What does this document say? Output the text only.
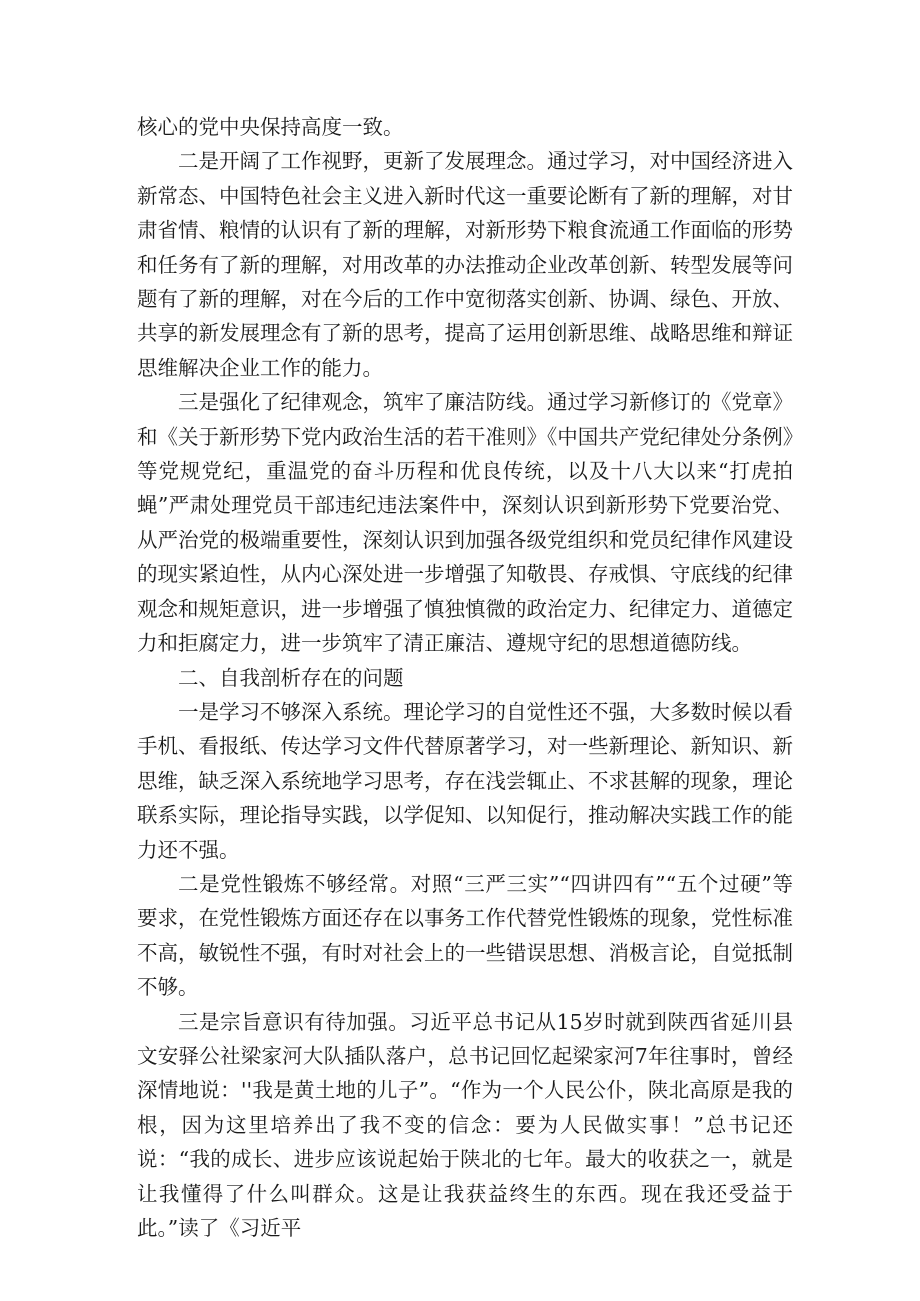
核心的党中央保持高度一致。

二是开阔了工作视野，更新了发展理念。通过学习，对中国经济进入新常态、中国特色社会主义进入新时代这一重要论断有了新的理解，对甘肃省情、粮情的认识有了新的理解，对新形势下粮食流通工作面临的形势和任务有了新的理解，对用改革的办法推动企业改革创新、转型发展等问题有了新的理解，对在今后的工作中宽彻落实创新、协调、绿色、开放、共享的新发展理念有了新的思考，提高了运用创新思维、战略思维和辩证思维解决企业工作的能力。

三是强化了纪律观念，筑牢了廉洁防线。通过学习新修订的《党章》和《关于新形势下党内政治生活的若干准则》《中国共产党纪律处分条例》等党规党纪，重温党的奋斗历程和优良传统，以及十八大以来“打虎拍蝇”严肃处理党员干部违纪违法案件中，深刻认识到新形势下党要治党、从严治党的极端重要性，深刻认识到加强各级党组织和党员纪律作风建设的现实紧迫性，从内心深处进一步增强了知敬畏、存戒惧、守底线的纪律观念和规矩意识，进一步增强了慎独慎微的政治定力、纪律定力、道德定力和拒腐定力，进一步筑牢了清正廉洁、遵规守纪的思想道德防线。

二、自我剖析存在的问题

一是学习不够深入系统。理论学习的自觉性还不强，大多数时候以看手机、看报纸、传达学习文件代替原著学习，对一些新理论、新知识、新思维，缺乏深入系统地学习思考，存在浅尝辄止、不求甚解的现象，理论联系实际，理论指导实践，以学促知、以知促行，推动解决实践工作的能力还不强。

二是党性锻炼不够经常。对照“三严三实”“四讲四有”“五个过硬”等要求，在党性锻炼方面还存在以事务工作代替党性锻炼的现象，党性标准不高，敏锐性不强，有时对社会上的一些错误思想、消极言论，自觉抵制不够。

三是宗旨意识有待加强。习近平总书记从15岁时就到陕西省延川县文安驿公社梁家河大队插队落户，总书记回忆起梁家河7年往事时，曾经深情地说：''我是黄土地的儿子”。“作为一个人民公仆，陕北高原是我的根，因为这里培养出了我不变的信念：要为人民做实事！”总书记还说：“我的成长、进步应该说起始于陕北的七年。最大的收获之一，就是让我懂得了什么叫群众。这是让我获益终生的东西。现在我还受益于此。”读了《习近平
